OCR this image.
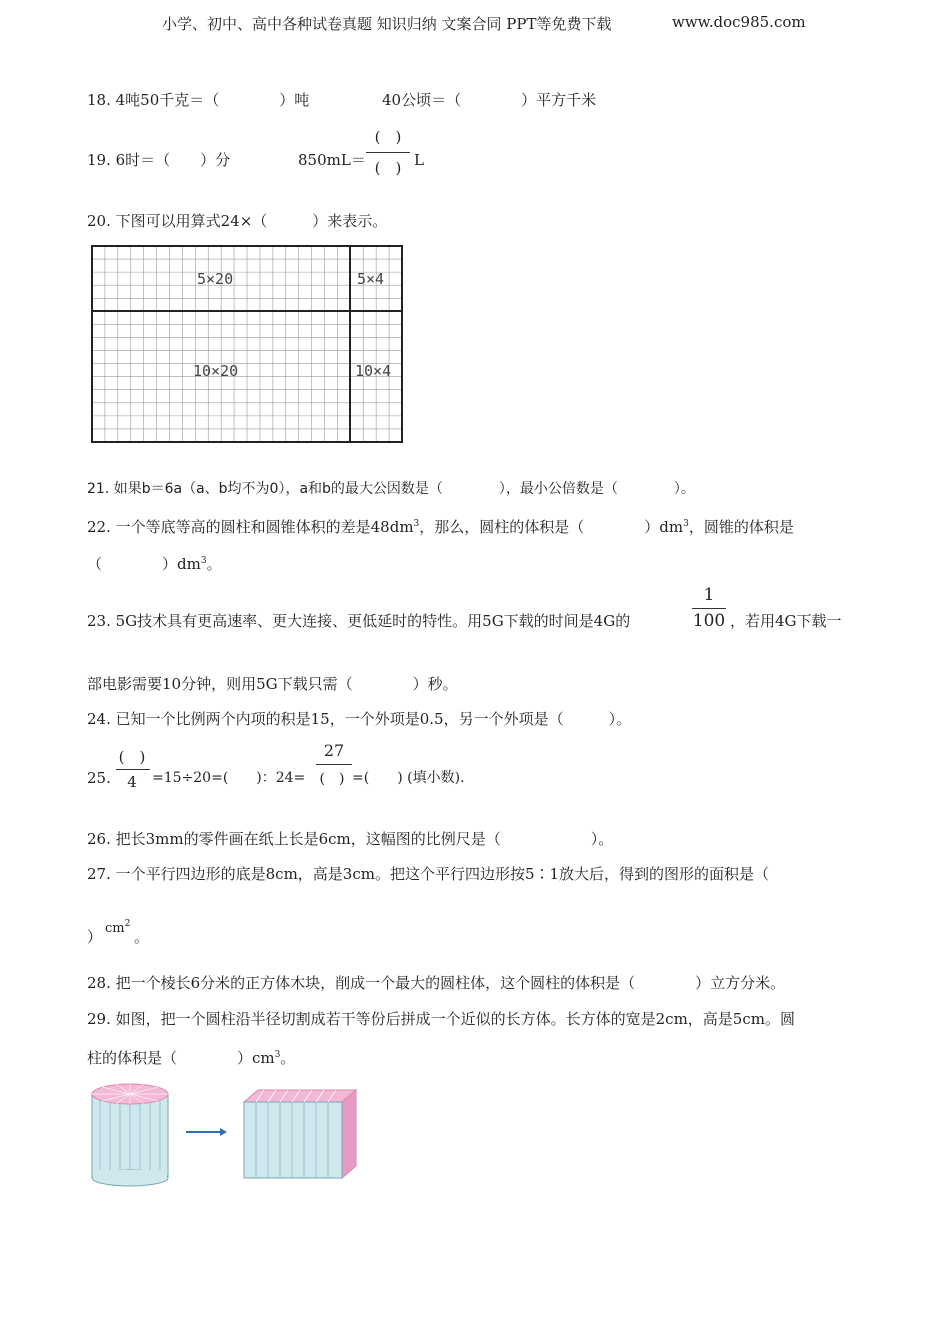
小学、初中、高中各种试卷真题 知识归纳 文案合同 PPT等免费下载	www.doc985.com
18. 4吨50千克＝（　　　　）吨	40公顷＝（　　　　）平方千米
19. 6时＝（　　）分	850mL＝
(　)
(　) L
20. 下图可以用算式24×（　　　）来表示。
5×20	5×4
10×20	10×4
21. 如果b＝6a（a、b均不为0），a和b的最大公因数是（　　　　），最小公倍数是（　　　　）。
22. 一个等底等高的圆柱和圆锥体积的差是$48dm^3$，那么，圆柱的体积是（　　　　）$dm^3$，圆锥的体积是
（　　　　）$dm^3$。
23. 5G技术具有更高速率、更大连接、更低延时的特性。用5G下载的时间是4G的
1
100 ，若用4G下载一
部电影需要10分钟，则用5G下载只需（　　　　）秒。
24. 已知一个比例两个内项的积是15，一个外项是0.5，另一个外项是（　　　）。
25.
(　)
4	=15÷20=(　　)：24=
27
(　) =(　　) (填小数).
26. 把长3mm的零件画在纸上长是6cm，这幅图的比例尺是（　　　　　　）。
27. 一个平行四边形的底是8cm，高是3cm。把这个平行四边形按5∶1放大后，得到的图形的面积是（
） $cm^2$
。
28. 把一个棱长6分米的正方体木块，削成一个最大的圆柱体，这个圆柱的体积是（　　　　）立方分米。
29. 如图，把一个圆柱沿半径切割成若干等份后拼成一个近似的长方体。长方体的宽是2cm，高是5cm。圆
柱的体积是（　　　　）$cm^3$。
